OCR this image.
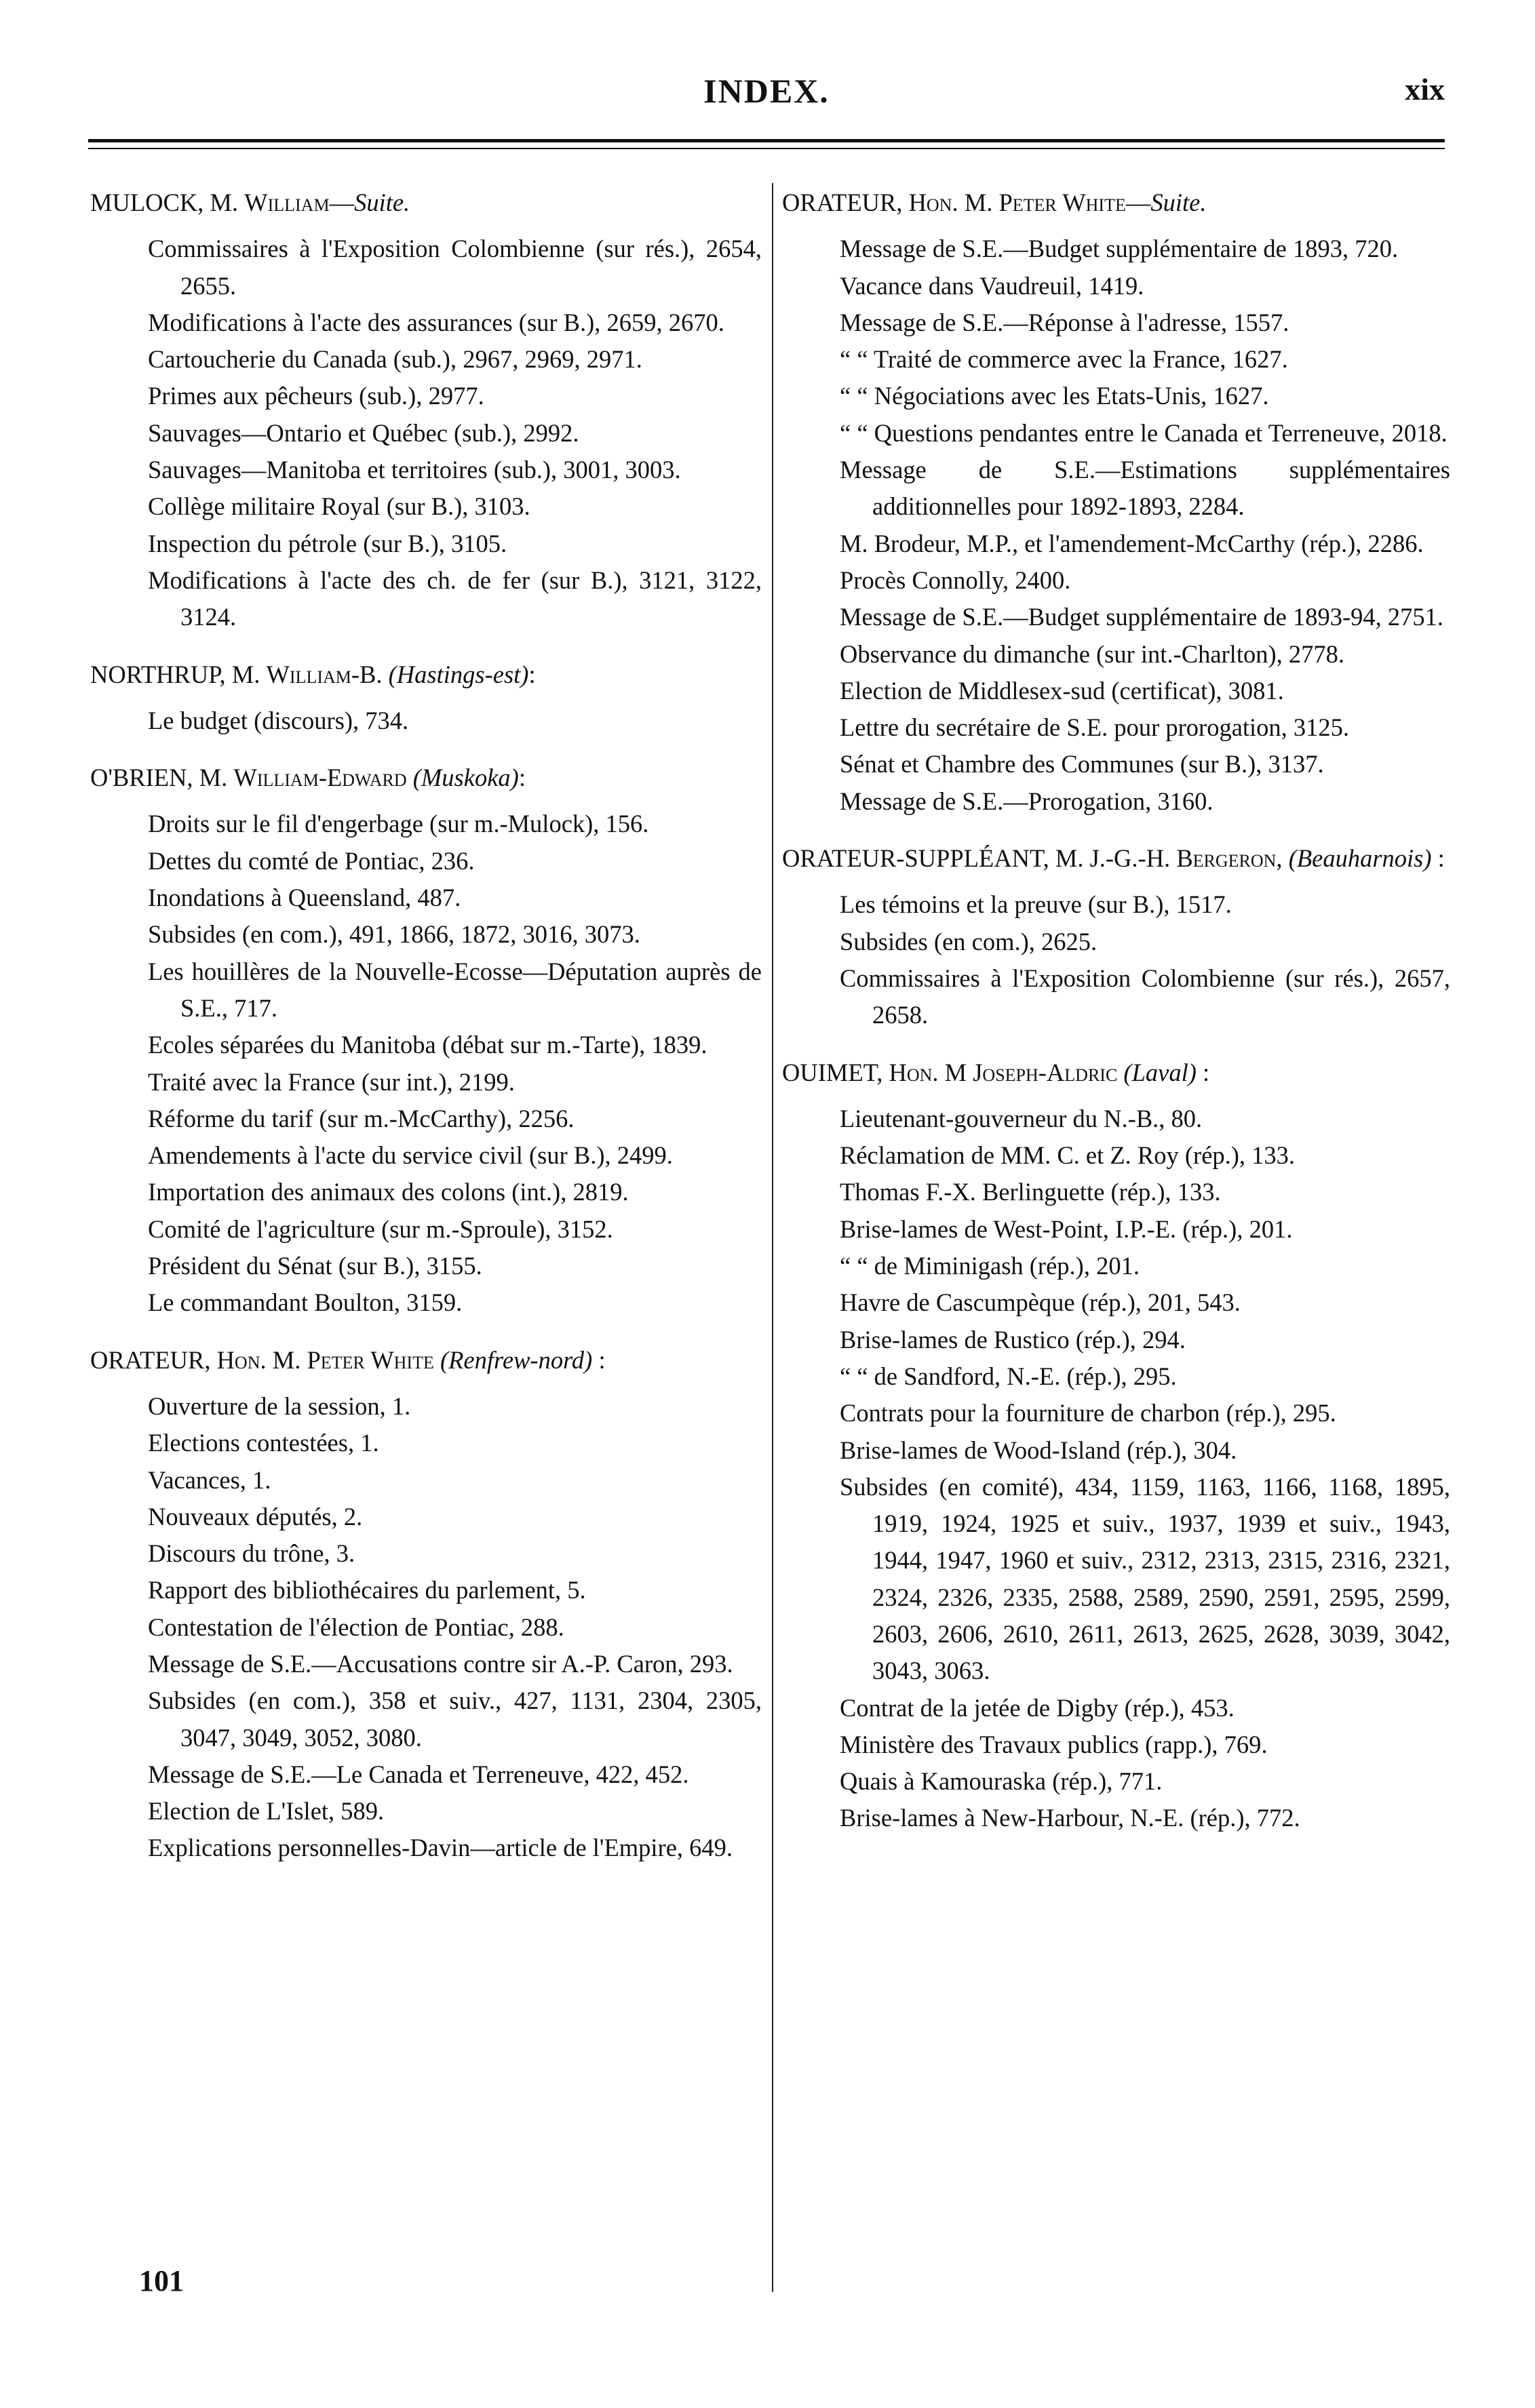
INDEX.	xix
MULOCK, M. William—Suite.
Commissaires à l'Exposition Colombienne (sur rés.), 2654, 2655.
Modifications à l'acte des assurances (sur B.), 2659, 2670.
Cartoucherie du Canada (sub.), 2967, 2969, 2971.
Primes aux pêcheurs (sub.), 2977.
Sauvages—Ontario et Québec (sub.), 2992.
Sauvages—Manitoba et territoires (sub.), 3001, 3003.
Collège militaire Royal (sur B.), 3103.
Inspection du pétrole (sur B.), 3105.
Modifications à l'acte des ch. de fer (sur B.), 3121, 3122, 3124.
NORTHRUP, M. William-B. (Hastings-est):
Le budget (discours), 734.
O'BRIEN, M. William-Edward (Muskoka):
Droits sur le fil d'engerbage (sur m.-Mulock), 156.
Dettes du comté de Pontiac, 236.
Inondations à Queensland, 487.
Subsides (en com.), 491, 1866, 1872, 3016, 3073.
Les houillères de la Nouvelle-Ecosse—Députation auprès de S.E., 717.
Ecoles séparées du Manitoba (débat sur m.-Tarte), 1839.
Traité avec la France (sur int.), 2199.
Réforme du tarif (sur m.-McCarthy), 2256.
Amendements à l'acte du service civil (sur B.), 2499.
Importation des animaux des colons (int.), 2819.
Comité de l'agriculture (sur m.-Sproule), 3152.
Président du Sénat (sur B.), 3155.
Le commandant Boulton, 3159.
ORATEUR, Hon. M. Peter White (Renfrew-nord) :
Ouverture de la session, 1.
Elections contestées, 1.
Vacances, 1.
Nouveaux députés, 2.
Discours du trône, 3.
Rapport des bibliothécaires du parlement, 5.
Contestation de l'élection de Pontiac, 288.
Message de S.E.—Accusations contre sir A.-P. Caron, 293.
Subsides (en com.), 358 et suiv., 427, 1131, 2304, 2305, 3047, 3049, 3052, 3080.
Message de S.E.—Le Canada et Terreneuve, 422, 452.
Election de L'Islet, 589.
Explications personnelles-Davin—article de l'Empire, 649.
ORATEUR, Hon. M. Peter White—Suite.
Message de S.E.—Budget supplémentaire de 1893, 720.
Vacance dans Vaudreuil, 1419.
Message de S.E.—Réponse à l'adresse, 1557.
“ “ Traité de commerce avec la France, 1627.
“ “ Négociations avec les Etats-Unis, 1627.
“ “ Questions pendantes entre le Canada et Terreneuve, 2018.
Message de S.E.—Estimations supplémentaires additionnelles pour 1892-1893, 2284.
M. Brodeur, M.P., et l'amendement-McCarthy (rép.), 2286.
Procès Connolly, 2400.
Message de S.E.—Budget supplémentaire de 1893-94, 2751.
Observance du dimanche (sur int.-Charlton), 2778.
Election de Middlesex-sud (certificat), 3081.
Lettre du secrétaire de S.E. pour prorogation, 3125.
Sénat et Chambre des Communes (sur B.), 3137.
Message de S.E.—Prorogation, 3160.
ORATEUR-SUPPLÉANT, M. J.-G.-H. Bergeron, (Beauharnois) :
Les témoins et la preuve (sur B.), 1517.
Subsides (en com.), 2625.
Commissaires à l'Exposition Colombienne (sur rés.), 2657, 2658.
OUIMET, Hon. M Joseph-Aldric (Laval) :
Lieutenant-gouverneur du N.-B., 80.
Réclamation de MM. C. et Z. Roy (rép.), 133.
Thomas F.-X. Berlinguette (rép.), 133.
Brise-lames de West-Point, I.P.-E. (rép.), 201.
“ “ de Miminigash (rép.), 201.
Havre de Cascumpèque (rép.), 201, 543.
Brise-lames de Rustico (rép.), 294.
“ “ de Sandford, N.-E. (rép.), 295.
Contrats pour la fourniture de charbon (rép.), 295.
Brise-lames de Wood-Island (rép.), 304.
Subsides (en comité), 434, 1159, 1163, 1166, 1168, 1895, 1919, 1924, 1925 et suiv., 1937, 1939 et suiv., 1943, 1944, 1947, 1960 et suiv., 2312, 2313, 2315, 2316, 2321, 2324, 2326, 2335, 2588, 2589, 2590, 2591, 2595, 2599, 2603, 2606, 2610, 2611, 2613, 2625, 2628, 3039, 3042, 3043, 3063.
Contrat de la jetée de Digby (rép.), 453.
Ministère des Travaux publics (rapp.), 769.
Quais à Kamouraska (rép.), 771.
Brise-lames à New-Harbour, N.-E. (rép.), 772.
101
